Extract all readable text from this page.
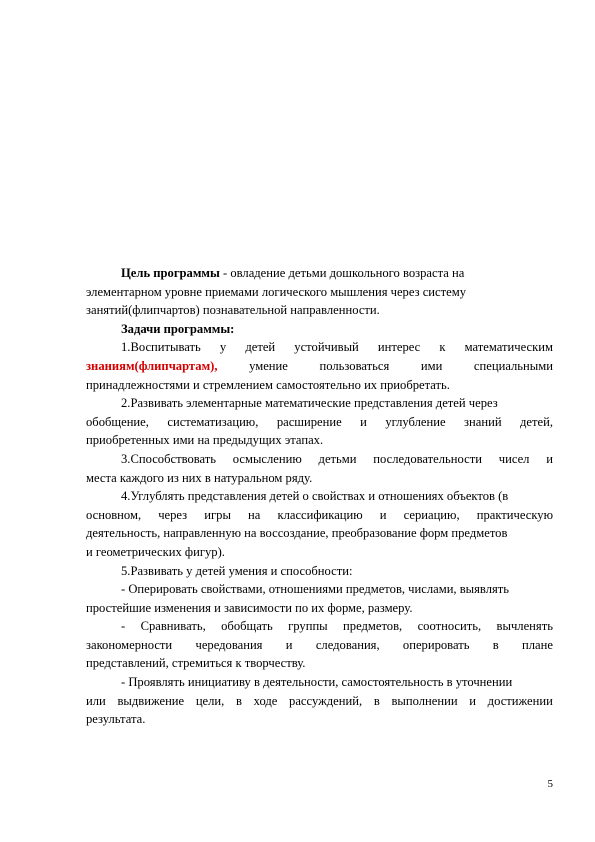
Цель программы - овладение детьми дошкольного возраста на
элементарном уровне приемами логического мышления через систему
занятий(флипчартов) познавательной направленности.
Задачи программы:
1.Воспитывать у детей устойчивый интерес к математическим
знаниям(флипчартам),	умение	пользоваться	ими	специальными
принадлежностями и стремлением самостоятельно их приобретать.
2.Развивать элементарные математические представления детей через
обобщение, систематизацию, расширение и углубление знаний детей,
приобретенных ими на предыдущих этапах.
3.Способствовать осмыслению детьми последовательности чисел и
места каждого из них в натуральном ряду.
4.Углублять представления детей о свойствах и отношениях объектов (в
основном, через игры на классификацию и сериацию, практическую
деятельность, направленную на воссоздание, преобразование форм предметов
и геометрических фигур).
5.Развивать у детей умения и способности:
- Оперировать свойствами, отношениями предметов, числами, выявлять
простейшие изменения и зависимости по их форме, размеру.
- Сравнивать, обобщать группы предметов, соотносить, вычленять
закономерности чередования и следования, оперировать в плане
представлений, стремиться к творчеству.
- Проявлять инициативу в деятельности, самостоятельность в уточнении
или выдвижение цели, в ходе рассуждений, в выполнении и достижении
результата.
5
